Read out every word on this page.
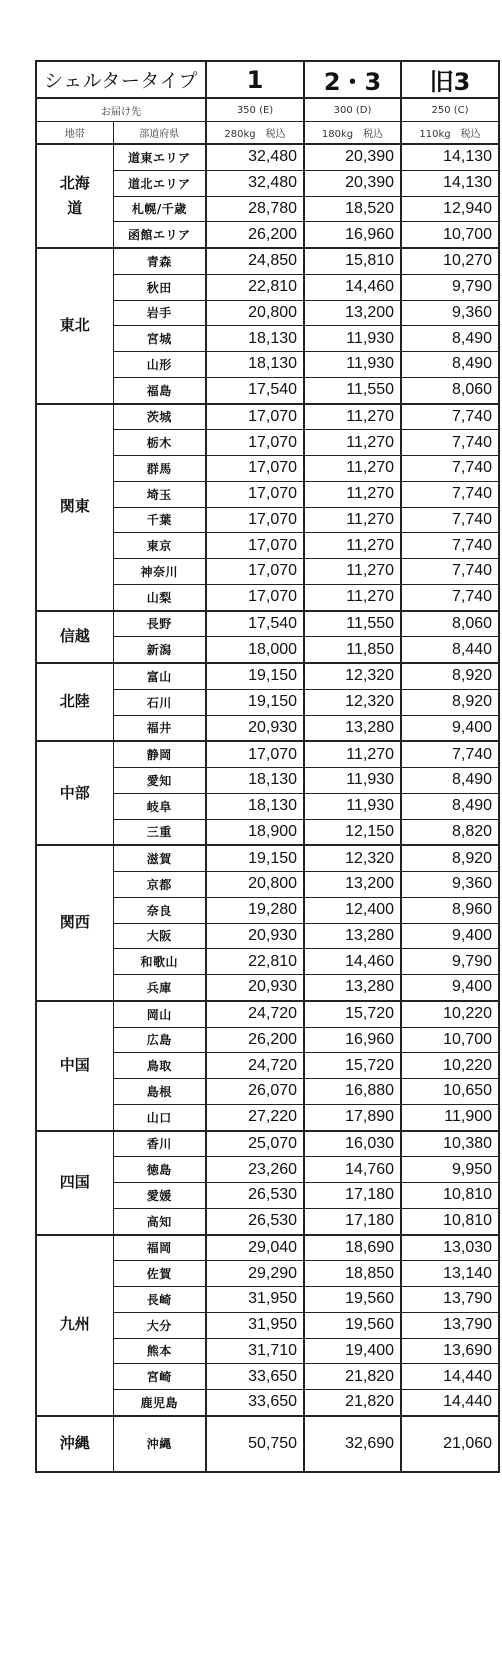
シェルタータイプ		1	2・3	旧3
お届け先		350 (E)	300 (D)	250 (C)
地帯	部道府県	280kg　税込	180kg　税込	110kg　税込
北海道	道東エリア	32,480	20,390	14,130
	道北エリア	32,480	20,390	14,130
	札幌/千歳	28,780	18,520	12,940
	函館エリア	26,200	16,960	10,700
東北	青森	24,850	15,810	10,270
	秋田	22,810	14,460	9,790
	岩手	20,800	13,200	9,360
	宮城	18,130	11,930	8,490
	山形	18,130	11,930	8,490
	福島	17,540	11,550	8,060
関東	茨城	17,070	11,270	7,740
	栃木	17,070	11,270	7,740
	群馬	17,070	11,270	7,740
	埼玉	17,070	11,270	7,740
	千葉	17,070	11,270	7,740
	東京	17,070	11,270	7,740
	神奈川	17,070	11,270	7,740
	山梨	17,070	11,270	7,740
信越	長野	17,540	11,550	8,060
	新潟	18,000	11,850	8,440
北陸	富山	19,150	12,320	8,920
	石川	19,150	12,320	8,920
	福井	20,930	13,280	9,400
中部	静岡	17,070	11,270	7,740
	愛知	18,130	11,930	8,490
	岐阜	18,130	11,930	8,490
	三重	18,900	12,150	8,820
関西	滋賀	19,150	12,320	8,920
	京都	20,800	13,200	9,360
	奈良	19,280	12,400	8,960
	大阪	20,930	13,280	9,400
	和歌山	22,810	14,460	9,790
	兵庫	20,930	13,280	9,400
中国	岡山	24,720	15,720	10,220
	広島	26,200	16,960	10,700
	鳥取	24,720	15,720	10,220
	島根	26,070	16,880	10,650
	山口	27,220	17,890	11,900
四国	香川	25,070	16,030	10,380
	徳島	23,260	14,760	9,950
	愛媛	26,530	17,180	10,810
	高知	26,530	17,180	10,810
九州	福岡	29,040	18,690	13,030
	佐賀	29,290	18,850	13,140
	長崎	31,950	19,560	13,790
	大分	31,950	19,560	13,790
	熊本	31,710	19,400	13,690
	宮崎	33,650	21,820	14,440
	鹿児島	33,650	21,820	14,440
沖縄	沖縄	50,750	32,690	21,060
